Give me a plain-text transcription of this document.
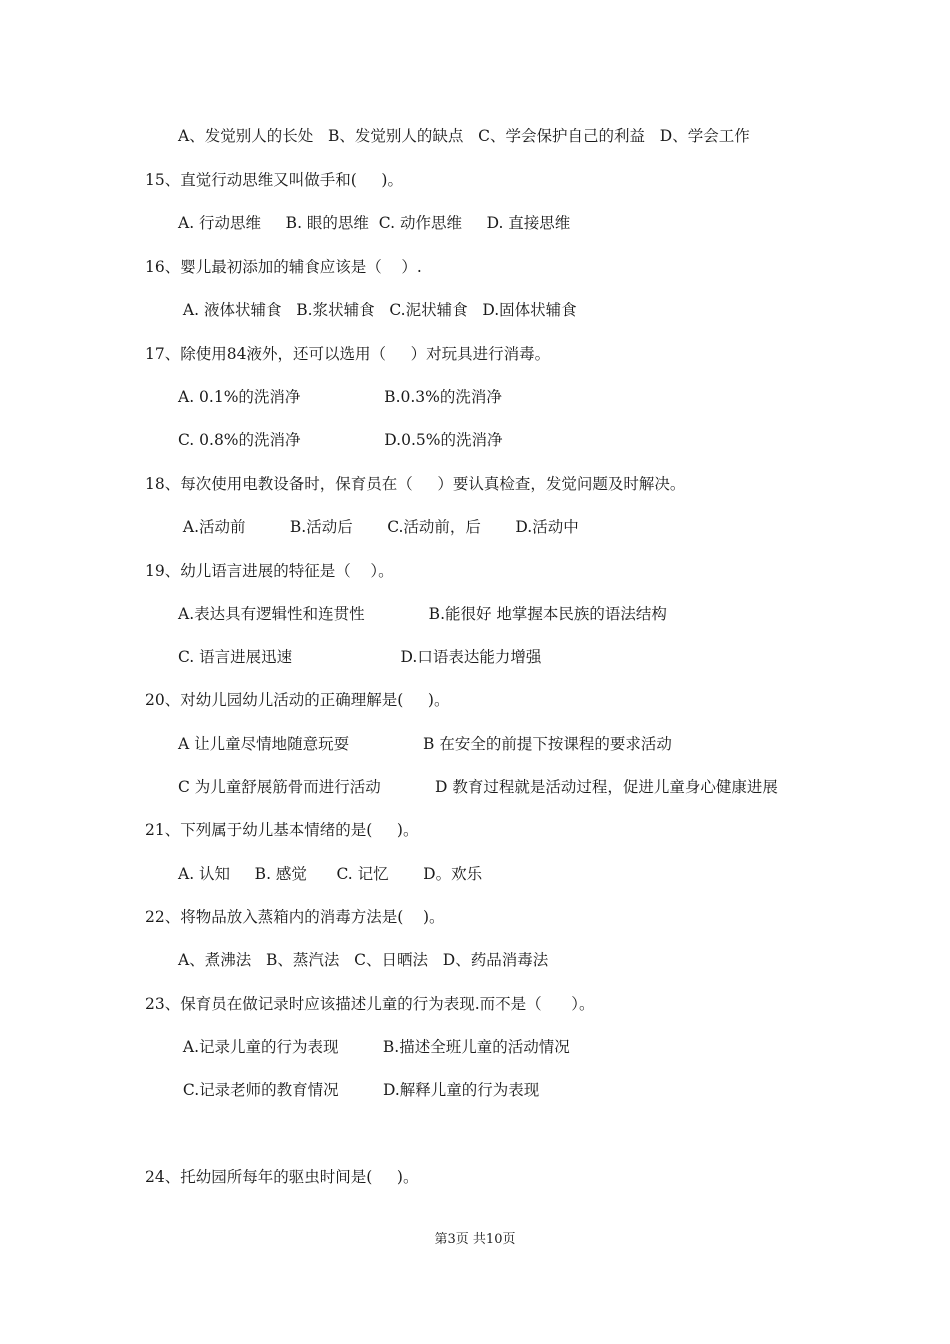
A、发觉别人的长处   B、发觉别人的缺点   C、学会保护自己的利益   D、学会工作
15、直觉行动思维又叫做手和(     )。
A. 行动思维     B. 眼的思维  C. 动作思维     D. 直接思维
16、婴儿最初添加的辅食应该是（    ）.
A. 液体状辅食   B.浆状辅食   C.泥状辅食   D.固体状辅食
17、除使用84液外，还可以选用（     ）对玩具进行消毒。
A. 0.1%的洗消净                 B.0.3%的洗消净
C. 0.8%的洗消净                 D.0.5%的洗消净
18、每次使用电教设备时，保育员在（     ）要认真检查，发觉问题及时解决。
A.活动前         B.活动后       C.活动前，后       D.活动中
19、幼儿语言进展的特征是（    ）。
A.表达具有逻辑性和连贯性             B.能很好 地掌握本民族的语法结构
C. 语言进展迅速                      D.口语表达能力增强
20、对幼儿园幼儿活动的正确理解是(     )。
A 让儿童尽情地随意玩耍               B 在安全的前提下按课程的要求活动
C 为儿童舒展筋骨而进行活动           D 教育过程就是活动过程，促进儿童身心健康进展
21、下列属于幼儿基本情绪的是(     )。
A. 认知     B. 感觉      C. 记忆       D。欢乐
22、将物品放入蒸箱内的消毒方法是(    )。
A、煮沸法   B、蒸汽法   C、日晒法   D、药品消毒法
23、保育员在做记录时应该描述儿童的行为表现.而不是（      ）。
A.记录儿童的行为表现         B.描述全班儿童的活动情况
C.记录老师的教育情况         D.解释儿童的行为表现
24、托幼园所每年的驱虫时间是(     )。
第3页 共10页
